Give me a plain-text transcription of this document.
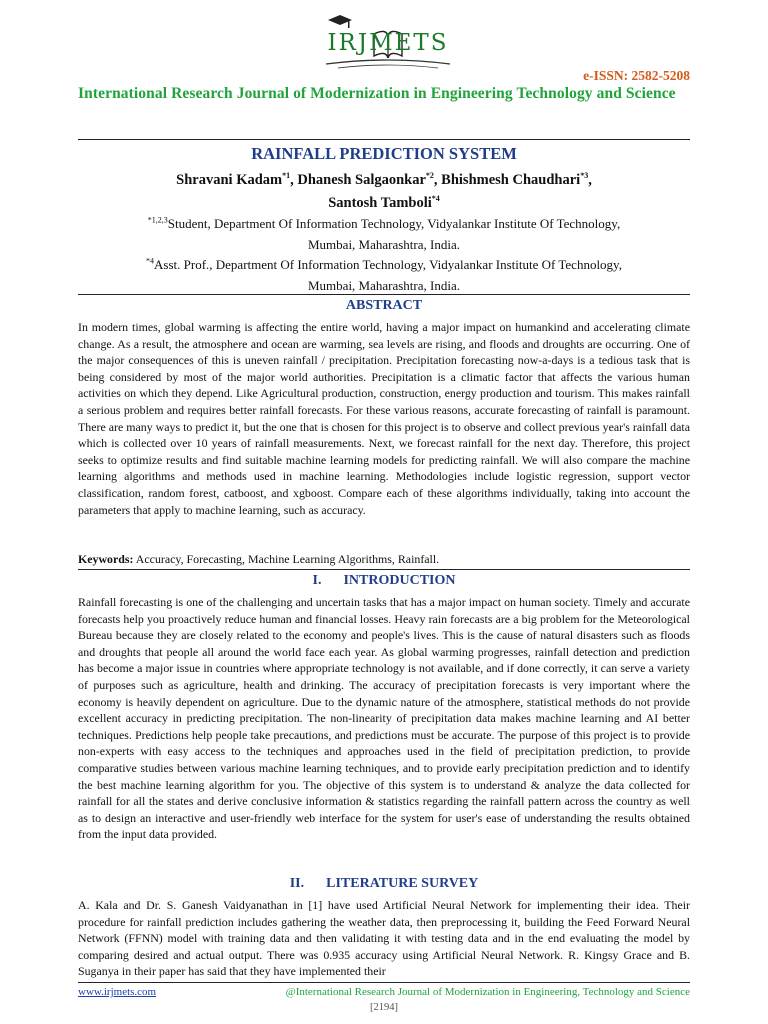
IRJMETS
e-ISSN: 2582-5208
International Research Journal of Modernization in Engineering Technology and Science
RAINFALL PREDICTION SYSTEM
Shravani Kadam$^{*1}$, Dhanesh Salgaonkar$^{*2}$, Bhishmesh Chaudhari$^{*3}$,
Santosh Tamboli$^{*4}$
$^{*1,2,3}$Student, Department Of Information Technology, Vidyalankar Institute Of Technology,
Mumbai, Maharashtra, India.
$^{*4}$Asst. Prof., Department Of Information Technology, Vidyalankar Institute Of Technology,
Mumbai, Maharashtra, India.
ABSTRACT
In modern times, global warming is affecting the entire world, having a major impact on humankind and accelerating climate change. As a result, the atmosphere and ocean are warming, sea levels are rising, and floods and droughts are occurring. One of the major consequences of this is uneven rainfall / precipitation. Precipitation forecasting now-a-days is a tedious task that is being considered by most of the major world authorities. Precipitation is a climatic factor that affects the various human activities on which they depend. Like Agricultural production, construction, energy production and tourism. This makes rainfall a serious problem and requires better rainfall forecasts. For these various reasons, accurate forecasting of rainfall is paramount. There are many ways to predict it, but the one that is chosen for this project is to observe and collect previous year's rainfall data which is collected over 10 years of rainfall measurements. Next, we forecast rainfall for the next day. Therefore, this project seeks to optimize results and find suitable machine learning models for predicting rainfall. We will also compare the machine learning algorithms and methods used in machine learning. Methodologies include logistic regression, support vector classification, random forest, catboost, and xgboost. Compare each of these algorithms individually, taking into account the parameters that apply to machine learning, such as accuracy.
Keywords: Accuracy, Forecasting, Machine Learning Algorithms, Rainfall.
I. INTRODUCTION
Rainfall forecasting is one of the challenging and uncertain tasks that has a major impact on human society. Timely and accurate forecasts help you proactively reduce human and financial losses. Heavy rain forecasts are a big problem for the Meteorological Bureau because they are closely related to the economy and people's lives. This is the cause of natural disasters such as floods and droughts that people all around the world face each year. As global warming progresses, rainfall detection and prediction has become a major issue in countries where appropriate technology is not available, and if done correctly, it can serve a variety of purposes such as agriculture, health and drinking. The accuracy of precipitation forecasts is very important where the economy is heavily dependent on agriculture. Due to the dynamic nature of the atmosphere, statistical methods do not provide excellent accuracy in predicting precipitation. The non-linearity of precipitation data makes machine learning and AI better techniques. Predictions help people take precautions, and predictions must be accurate. The purpose of this project is to provide non-experts with easy access to the techniques and approaches used in the field of precipitation prediction, to provide comparative studies between various machine learning techniques, and to provide early precipitation prediction and to identify the best machine learning algorithm for you. The objective of this system is to understand & analyze the data collected for rainfall for all the states and derive conclusive information & statistics regarding the rainfall pattern across the country as well as to design an interactive and user-friendly web interface for the system for user's ease of understanding the results obtained from the input data provided.
II. LITERATURE SURVEY
A. Kala and Dr. S. Ganesh Vaidyanathan in [1] have used Artificial Neural Network for implementing their idea. Their procedure for rainfall prediction includes gathering the weather data, then preprocessing it, building the Feed Forward Neural Network (FFNN) model with training data and then validating it with testing data and in the end evaluating the model by comparing desired and actual output. There was 0.935 accuracy using Artificial Neural Network. R. Kingsy Grace and B. Suganya in their paper has said that they have implemented their
www.irjmets.com	@International Research Journal of Modernization in Engineering, Technology and Science
[2194]
